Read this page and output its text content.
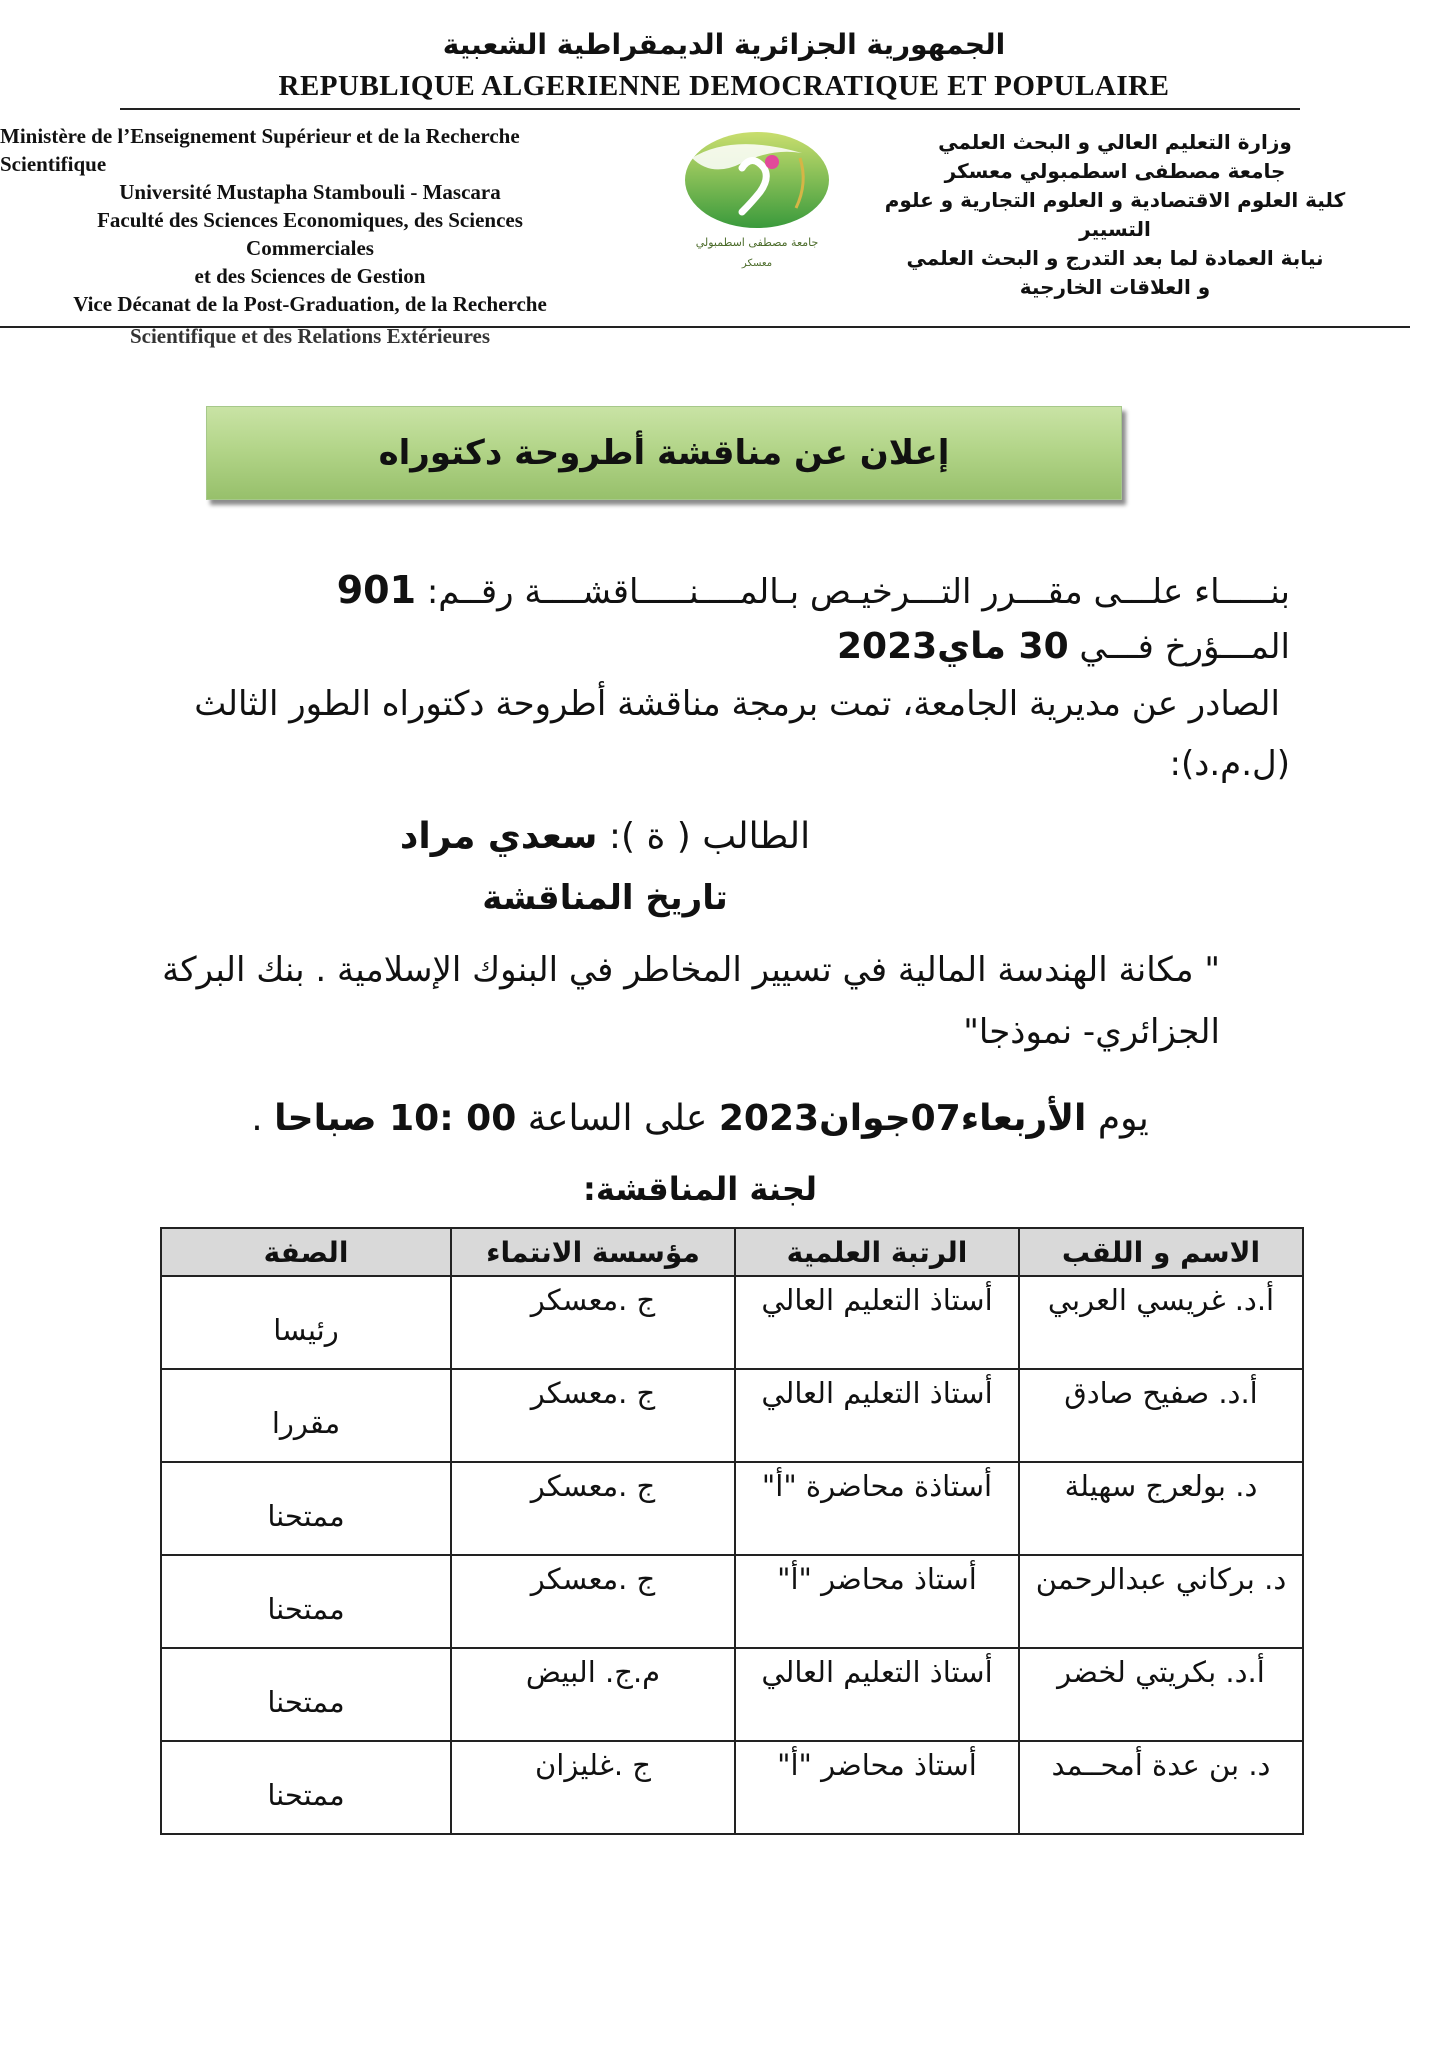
الجمهورية الجزائرية الديمقراطية الشعبية
REPUBLIQUE ALGERIENNE DEMOCRATIQUE ET POPULAIRE
Ministère de l’Enseignement Supérieur et de la Recherche
Scientifique
Université Mustapha Stambouli - Mascara
Faculté des Sciences Economiques, des Sciences
Commerciales
et des Sciences de Gestion
Vice Décanat de la Post-Graduation, de la Recherche
Scientifique et des Relations Extérieures
جامعة مصطفى اسطمبولي
معسكر
وزارة التعليم العالي و البحث العلمي
جامعة مصطفى اسطمبولي معسكر
كلية العلوم الاقتصادية و العلوم التجارية و علوم التسيير
نيابة العمادة لما بعد التدرج و البحث العلمي
و العلاقات الخارجية
إعلان عن مناقشة أطروحة دكتوراه
بنـــــاء علـــى مقـــرر التـــرخيـص بـالمــــنـــــاقشــــة رقــم: 901
المـــؤرخ فـــي 30 ماي2023
الصادر عن مديرية الجامعة، تمت برمجة مناقشة أطروحة دكتوراه الطور الثالث
(ل.م.د):
الطالب ( ة ): سعدي مراد
تاريخ المناقشة
" مكانة الهندسة المالية في تسيير المخاطر في البنوك الإسلامية . بنك البركة
الجزائري- نموذجا"
يوم الأربعاء07جوان2023 على الساعة 00 :10 صباحا .
لجنة المناقشة:
الاسم و اللقب	الرتبة العلمية	مؤسسة الانتماء	الصفة
أ.د. غريسي العربي	أستاذ التعليم العالي	ج .معسكر	رئيسا
أ.د. صفيح صادق	أستاذ التعليم العالي	ج .معسكر	مقررا
د. بولعرج سهيلة	أستاذة محاضرة "أ"	ج .معسكر	ممتحنا
د. بركاني عبدالرحمن	أستاذ محاضر "أ"	ج .معسكر	ممتحنا
أ.د. بكريتي لخضر	أستاذ التعليم العالي	م.ج. البيض	ممتحنا
د. بن عدة أمحــمد	أستاذ محاضر "أ"	ج .غليزان	ممتحنا
